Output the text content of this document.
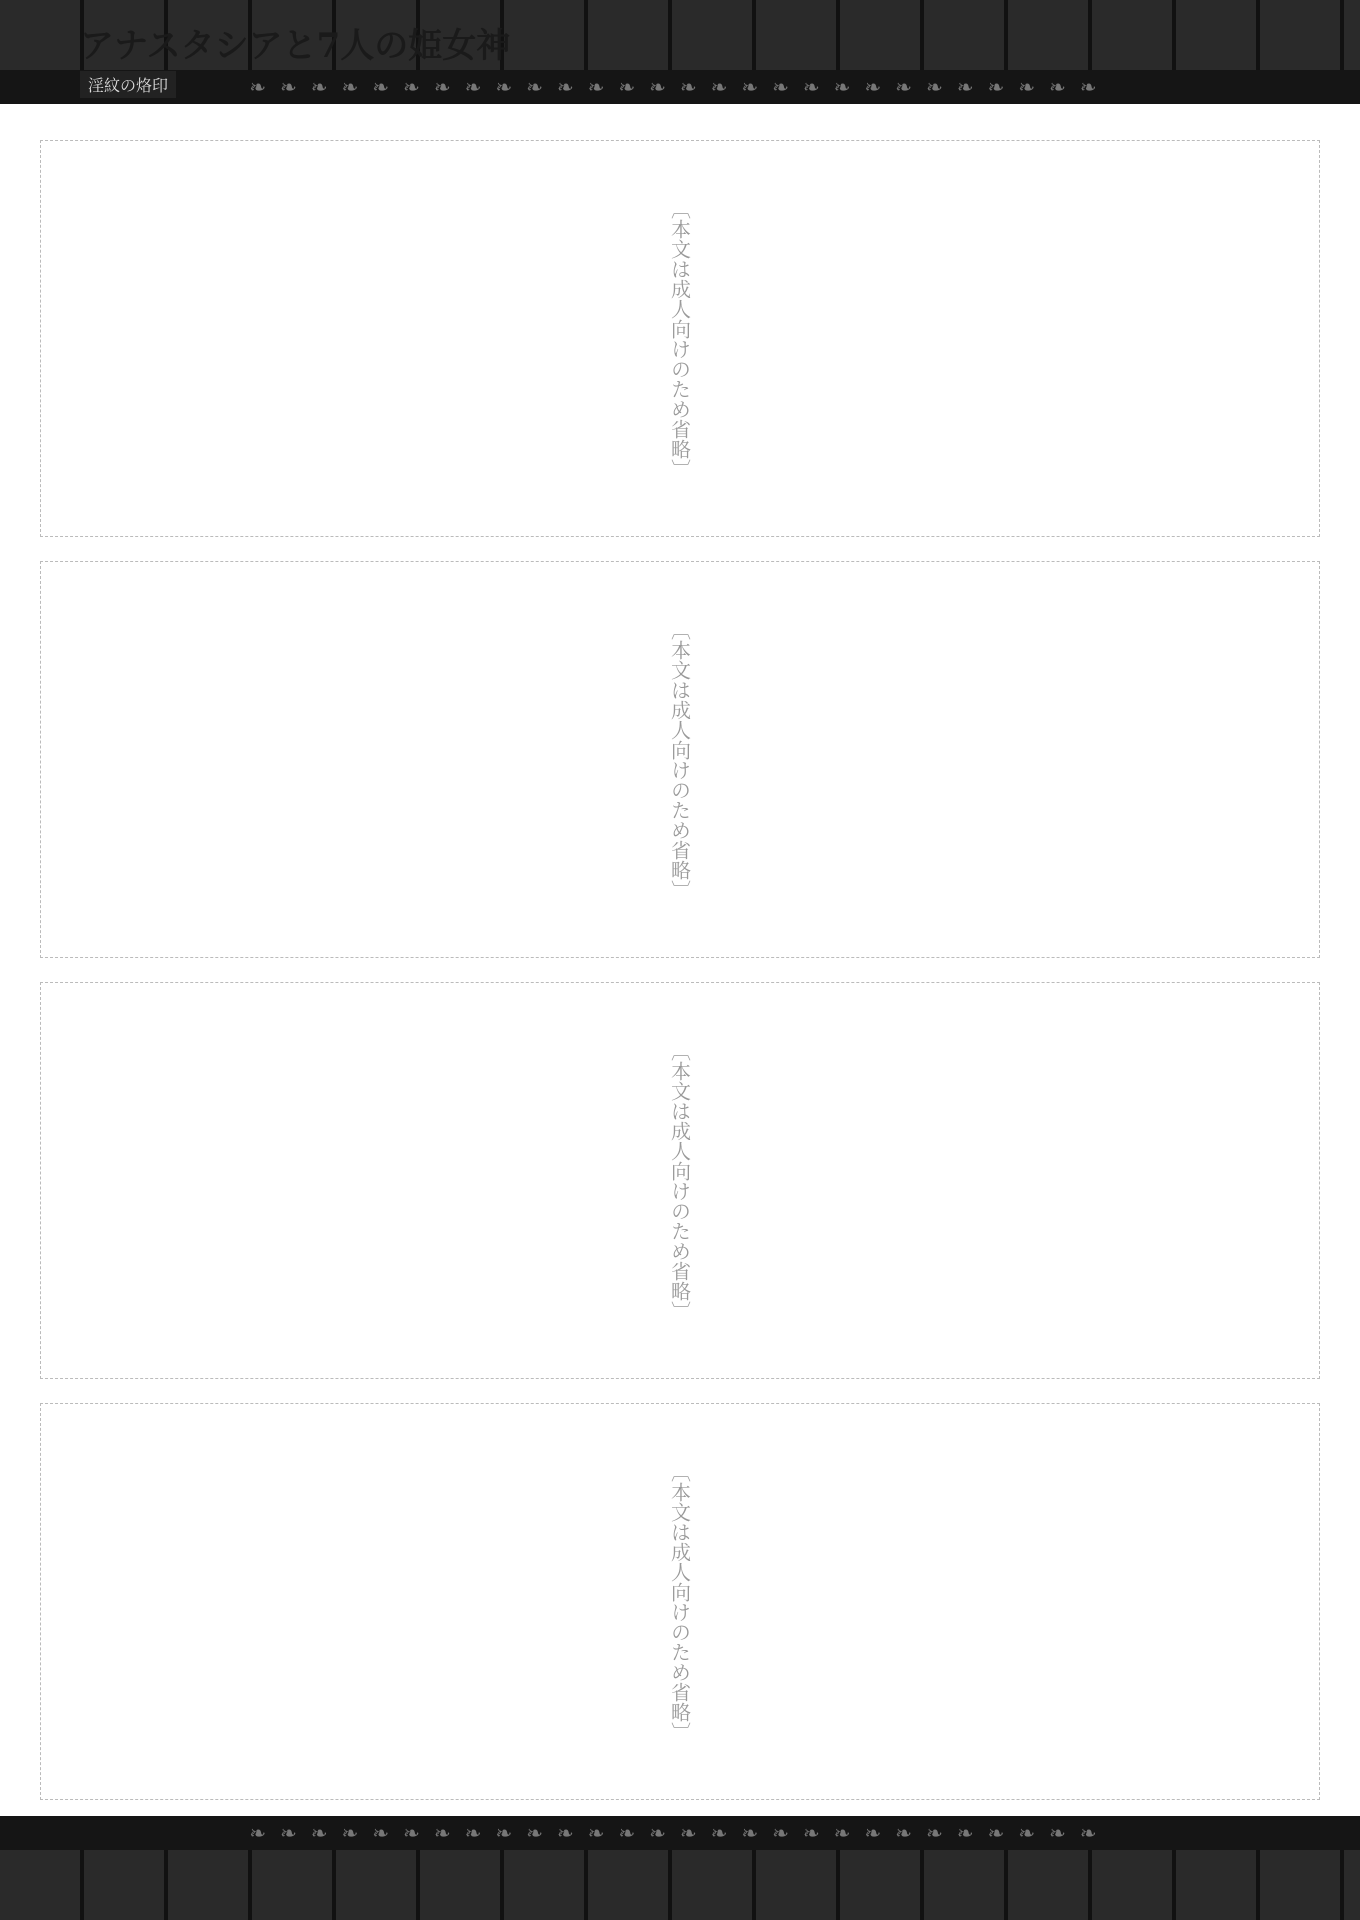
❧❧❧❧❧❧❧❧❧❧❧❧❧❧❧❧❧❧❧❧❧❧❧❧❧❧❧❧
アナスタシアと7人の姫女神
淫紋の烙印
〔本文は成人向けのため省略〕
〔本文は成人向けのため省略〕
〔本文は成人向けのため省略〕
〔本文は成人向けのため省略〕
❧❧❧❧❧❧❧❧❧❧❧❧❧❧❧❧❧❧❧❧❧❧❧❧❧❧❧❧
